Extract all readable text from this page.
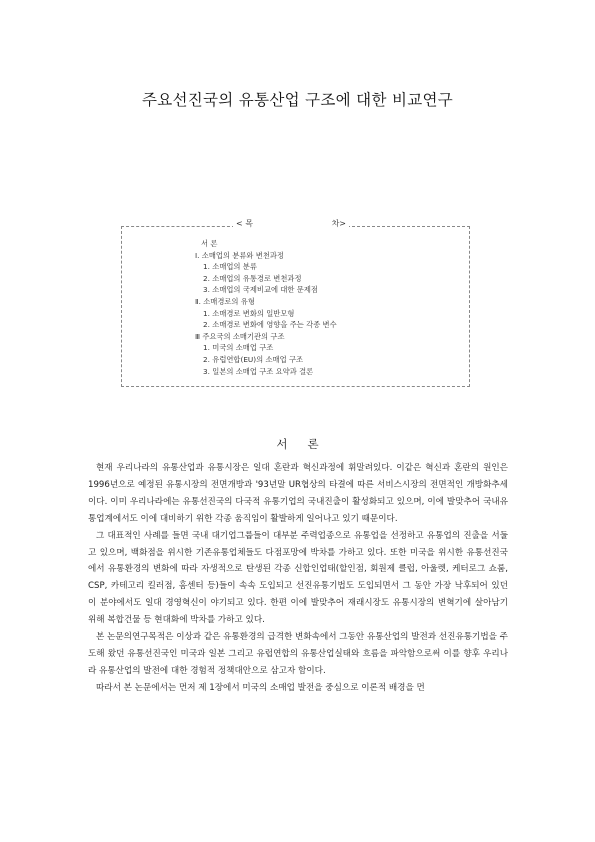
주요선진국의 유통산업 구조에 대한 비교연구
< 목	차>
서 론
Ⅰ. 소매업의 분류와 변천과정
1. 소매업의 분류
2. 소매업의 유통경로 변천과정
3. 소매업의 국제비교에 대한 문제점
Ⅱ. 소매경로의 유형
1. 소매경로 변화의 일반모형
2. 소매경로 변화에 영향을 주는 각종 변수
Ⅲ 주요국의 소매기관의 구조
1. 미국의 소매업 구조
2. 유럽연합(EU)의 소매업 구조
3. 일본의 소매업 구조 요약과 결론
서론

현재 우리나라의 유통산업과 유통시장은 일대 혼란과 혁신과정에 휘말려있다. 이같은 혁신과 혼란의 원인은 1996년으로 예정된 유통시장의 전면개방과 '93년말 UR협상의 타결에 따른 서비스시장의 전면적인 개방화추세이다. 이미 우리나라에는 유통선진국의 다국적 유통기업의 국내진출이 활성화되고 있으며, 이에 발맞추어 국내유통업계에서도 이에 대비하기 위한 각종 움직임이 활발하게 일어나고 있기 때문이다.

그 대표적인 사례를 들면 국내 대기업그룹들이 대부분 주력업종으로 유통업을 선정하고 유통업의 진출을 서둘고 있으며, 백화점을 위시한 기존유통업체들도 다점포망에 박차를 가하고 있다. 또한 미국을 위시한 유통선진국에서 유통환경의 변화에 따라 자생적으로 탄생된 각종 신합인업태(할인점, 회원제 클럽, 아울렛, 케터로그 쇼룸, CSP, 카테고리 킬러점, 홈센터 등)들이 속속 도입되고 선진유통기법도 도입되면서 그 동안 가장 낙후되어 있던 이 분야에서도 일대 경영혁신이 야기되고 있다. 한편 이에 발맞추어 재래시장도 유통시장의 변혁기에 살아남기 위해 복합건물 등 현대화에 박차를 가하고 있다.

본 논문의연구목적은 이상과 같은 유통환경의 급격한 변화속에서 그동안 유통산업의 발전과 선진유통기법을 주도해 왔던 유통선진국인 미국과 일본 그리고 유럽연합의 유통산업실태와 흐름을 파악함으로써 이를 향후 우리나라 유통산업의 발전에 대한 경험적 정책대안으로 삼고자 함이다.

따라서 본 논문에서는 먼저 제 1장에서 미국의 소매업 발전을 중심으로 이론적 배경을 먼
